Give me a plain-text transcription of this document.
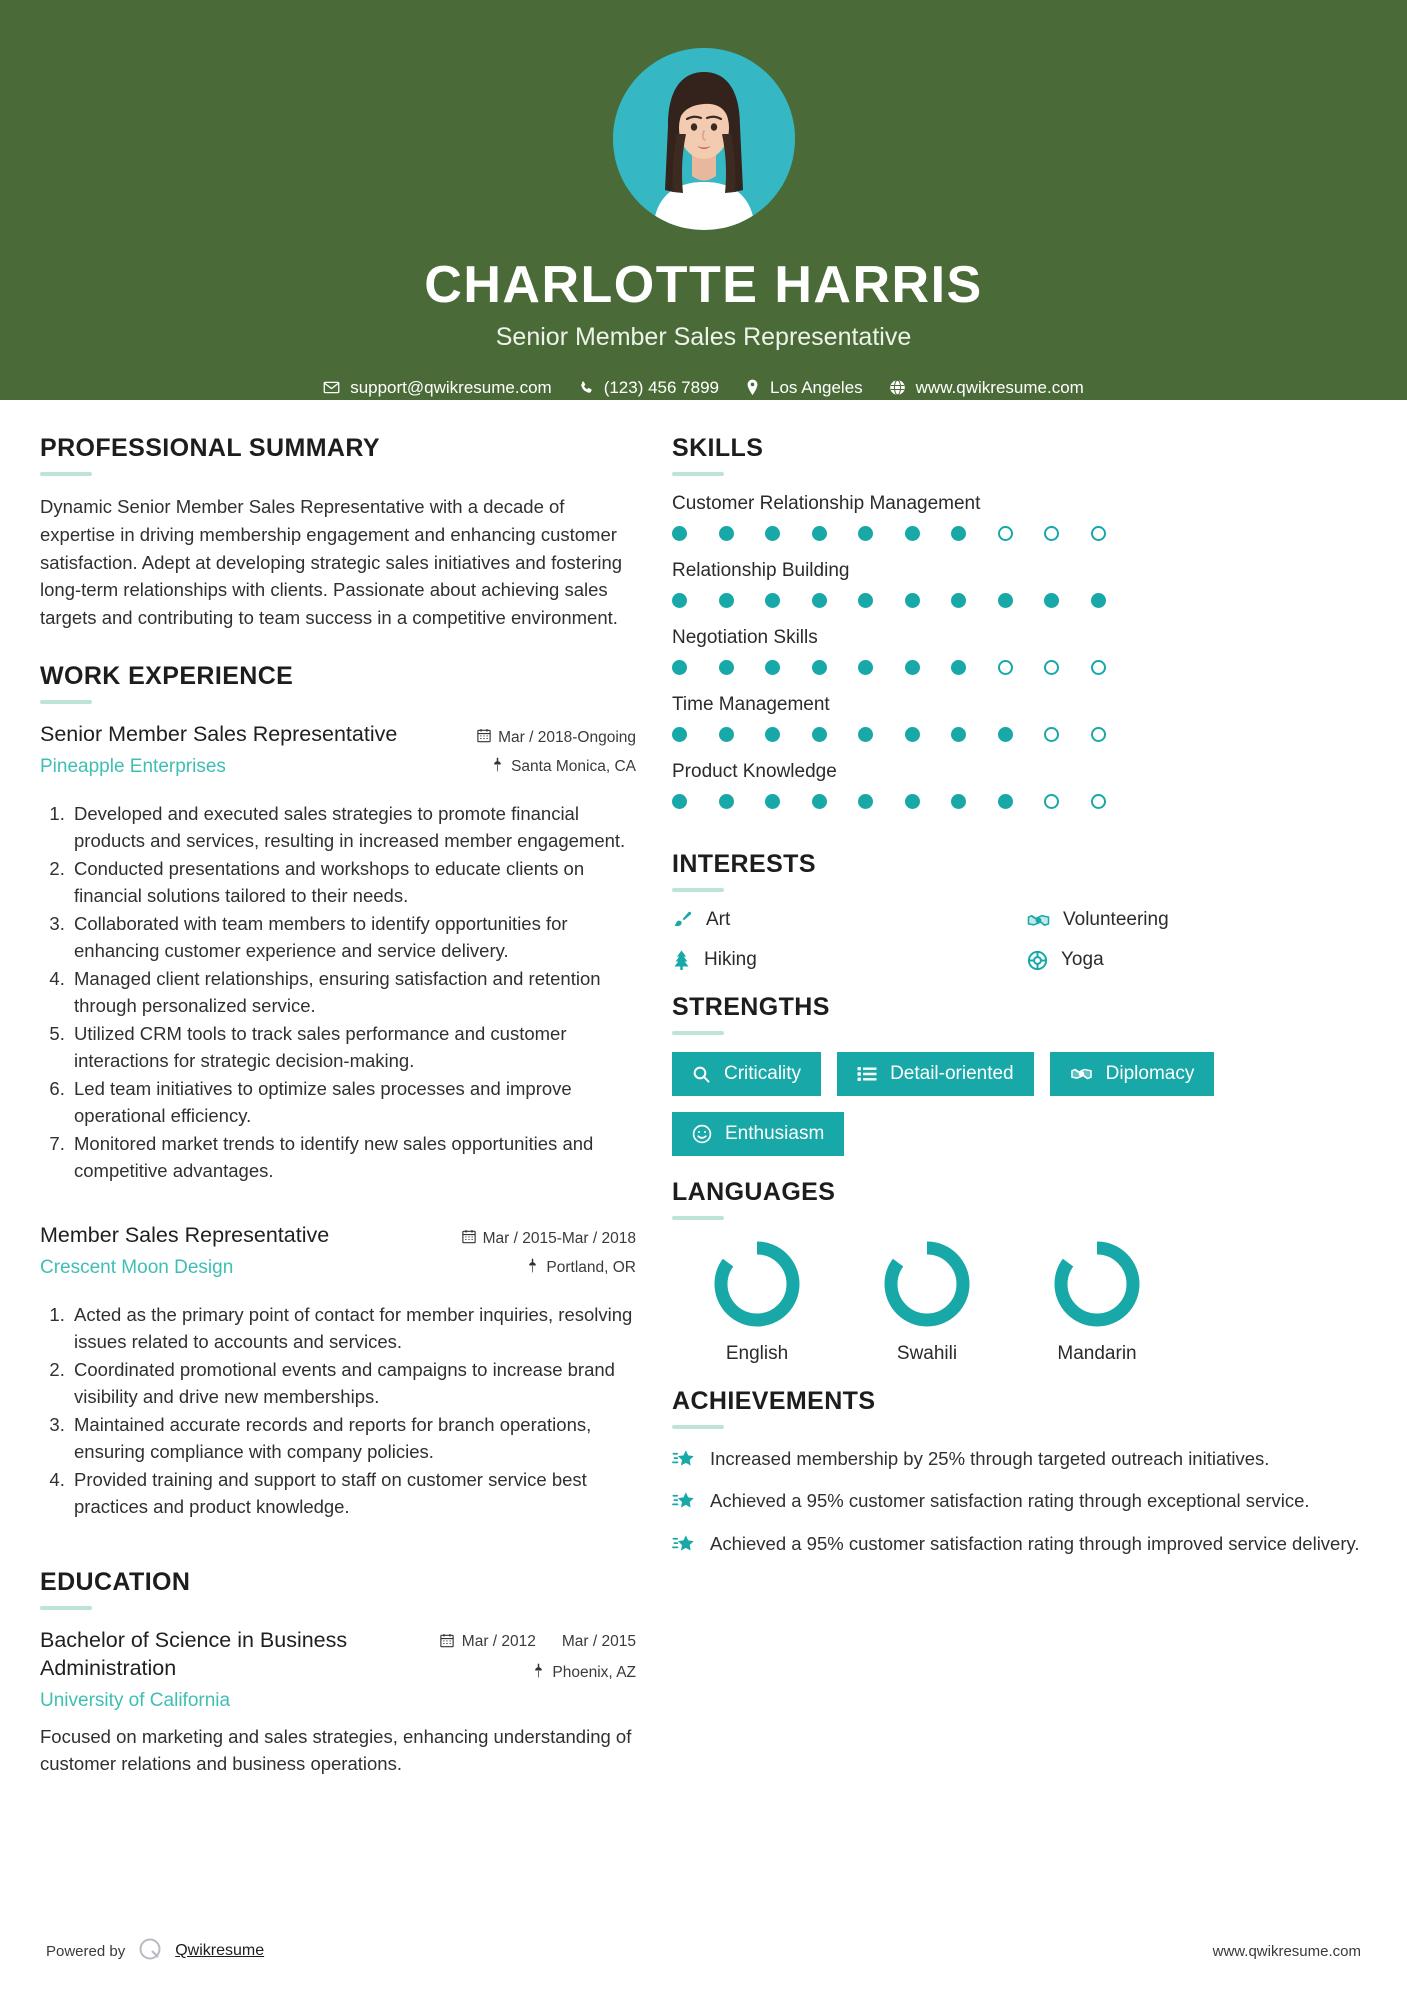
CHARLOTTE HARRIS
Senior Member Sales Representative
support@qwikresume.com	(123) 456 7899	Los Angeles	www.qwikresume.com
PROFESSIONAL SUMMARY
Dynamic Senior Member Sales Representative with a decade of expertise in driving membership engagement and enhancing customer satisfaction. Adept at developing strategic sales initiatives and fostering long-term relationships with clients. Passionate about achieving sales targets and contributing to team success in a competitive environment.
WORK EXPERIENCE
Senior Member Sales Representative
Pineapple Enterprises
Mar / 2018-Ongoing
Santa Monica, CA
1. Developed and executed sales strategies to promote financial products and services, resulting in increased member engagement.
2. Conducted presentations and workshops to educate clients on financial solutions tailored to their needs.
3. Collaborated with team members to identify opportunities for enhancing customer experience and service delivery.
4. Managed client relationships, ensuring satisfaction and retention through personalized service.
5. Utilized CRM tools to track sales performance and customer interactions for strategic decision-making.
6. Led team initiatives to optimize sales processes and improve operational efficiency.
7. Monitored market trends to identify new sales opportunities and competitive advantages.
Member Sales Representative
Crescent Moon Design
Mar / 2015-Mar / 2018
Portland, OR
1. Acted as the primary point of contact for member inquiries, resolving issues related to accounts and services.
2. Coordinated promotional events and campaigns to increase brand visibility and drive new memberships.
3. Maintained accurate records and reports for branch operations, ensuring compliance with company policies.
4. Provided training and support to staff on customer service best practices and product knowledge.
EDUCATION
Bachelor of Science in Business Administration
University of California
Mar / 2012 Mar / 2015
Phoenix, AZ
Focused on marketing and sales strategies, enhancing understanding of customer relations and business operations.
SKILLS
Customer Relationship Management
Relationship Building
Negotiation Skills
Time Management
Product Knowledge
INTERESTS
Art	Volunteering
Hiking	Yoga
STRENGTHS
Criticality	Detail-oriented	Diplomacy
Enthusiasm
LANGUAGES
English	Swahili	Mandarin
ACHIEVEMENTS
Increased membership by 25% through targeted outreach initiatives.
Achieved a 95% customer satisfaction rating through exceptional service.
Achieved a 95% customer satisfaction rating through improved service delivery.
Powered by	Qwikresume	www.qwikresume.com
